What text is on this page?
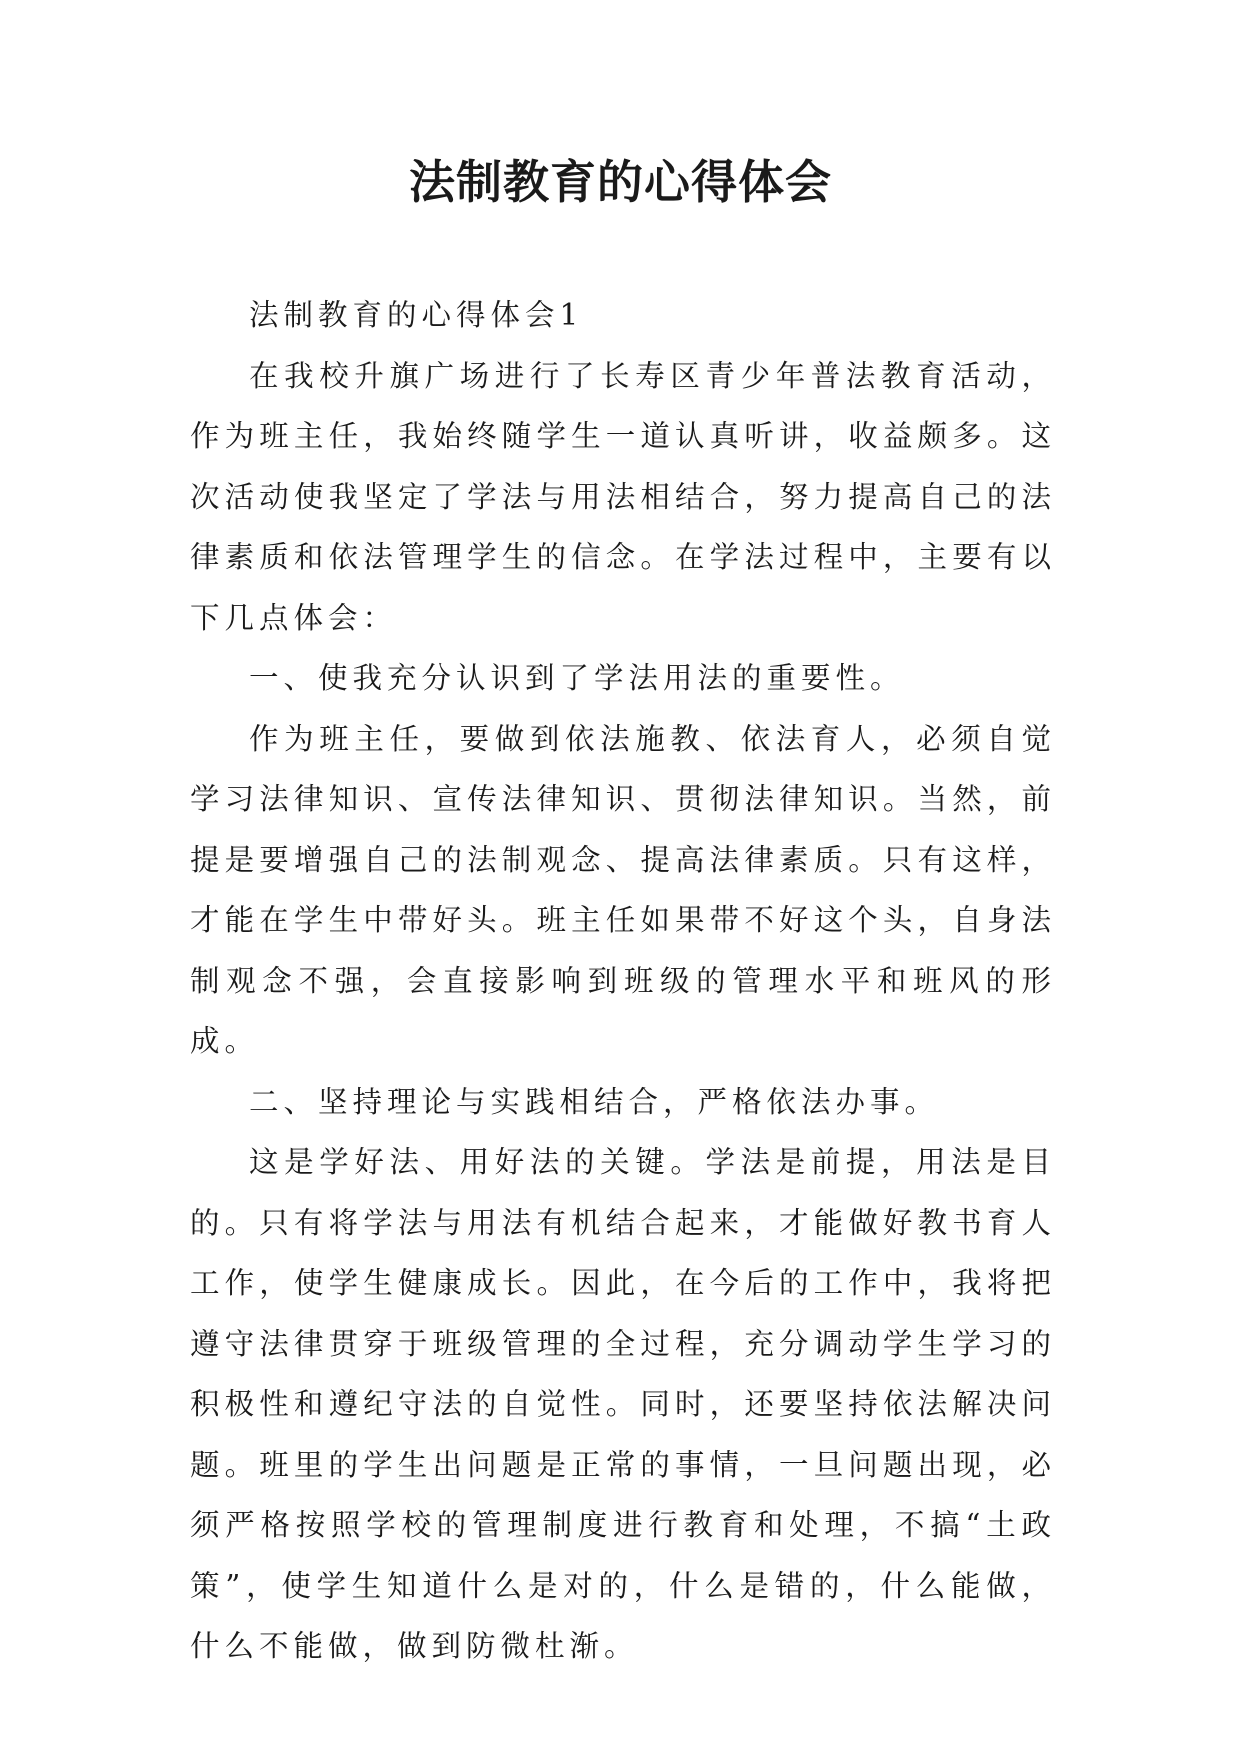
法制教育的心得体会

法制教育的心得体会1

在我校升旗广场进行了长寿区青少年普法教育活动，作为班主任，我始终随学生一道认真听讲，收益颇多。这次活动使我坚定了学法与用法相结合，努力提高自己的法律素质和依法管理学生的信念。在学法过程中，主要有以下几点体会：

一、使我充分认识到了学法用法的重要性。

作为班主任，要做到依法施教、依法育人，必须自觉学习法律知识、宣传法律知识、贯彻法律知识。当然，前提是要增强自己的法制观念、提高法律素质。只有这样，才能在学生中带好头。班主任如果带不好这个头，自身法制观念不强，会直接影响到班级的管理水平和班风的形成。

二、坚持理论与实践相结合，严格依法办事。

这是学好法、用好法的关键。学法是前提，用法是目的。只有将学法与用法有机结合起来，才能做好教书育人工作，使学生健康成长。因此，在今后的工作中，我将把遵守法律贯穿于班级管理的全过程，充分调动学生学习的积极性和遵纪守法的自觉性。同时，还要坚持依法解决问题。班里的学生出问题是正常的事情，一旦问题出现，必须严格按照学校的管理制度进行教育和处理，不搞“土政策”，使学生知道什么是对的，什么是错的，什么能做，什么不能做，做到防微杜渐。
